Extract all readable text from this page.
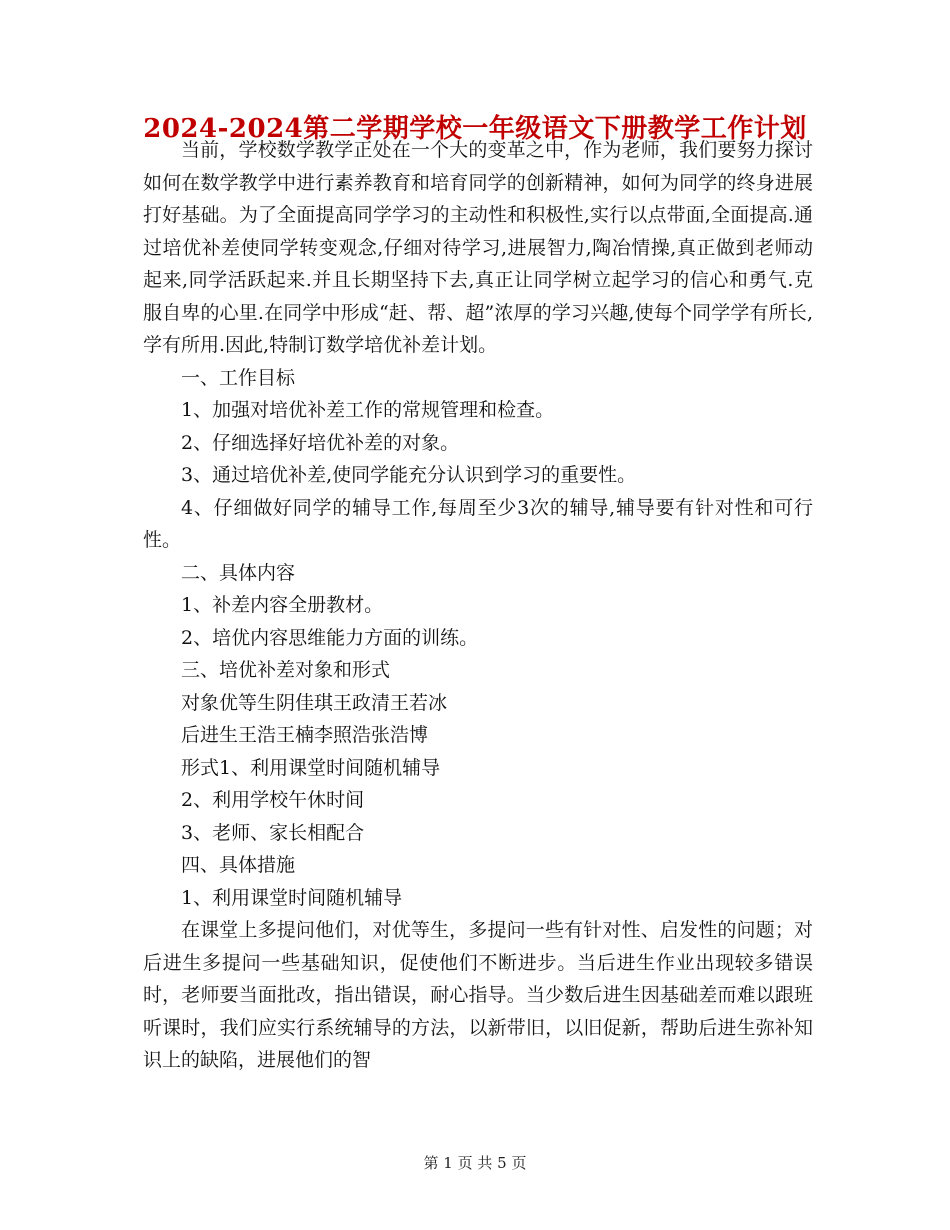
2024-2024第二学期学校一年级语文下册教学工作计划

当前，学校数学教学正处在一个大的变革之中，作为老师，我们要努力探讨如何在数学教学中进行素养教育和培育同学的创新精神，如何为同学的终身进展打好基础。为了全面提高同学学习的主动性和积极性,实行以点带面,全面提高.通过培优补差使同学转变观念,仔细对待学习,进展智力,陶冶情操,真正做到老师动起来,同学活跃起来.并且长期坚持下去,真正让同学树立起学习的信心和勇气.克服自卑的心里.在同学中形成“赶、帮、超”浓厚的学习兴趣,使每个同学学有所长,学有所用.因此,特制订数学培优补差计划。

一、工作目标

1、加强对培优补差工作的常规管理和检查。

2、仔细选择好培优补差的对象。

3、通过培优补差,使同学能充分认识到学习的重要性。

4、仔细做好同学的辅导工作,每周至少3次的辅导,辅导要有针对性和可行性。

二、具体内容

1、补差内容全册教材。

2、培优内容思维能力方面的训练。

三、培优补差对象和形式

对象优等生阴佳琪王政清王若冰

后进生王浩王楠李照浩张浩博

形式1、利用课堂时间随机辅导

2、利用学校午休时间

3、老师、家长相配合

四、具体措施

1、利用课堂时间随机辅导

在课堂上多提问他们，对优等生，多提问一些有针对性、启发性的问题；对后进生多提问一些基础知识，促使他们不断进步。当后进生作业出现较多错误时，老师要当面批改，指出错误，耐心指导。当少数后进生因基础差而难以跟班听课时，我们应实行系统辅导的方法，以新带旧，以旧促新，帮助后进生弥补知识上的缺陷，进展他们的智

第 1 页 共 5 页
